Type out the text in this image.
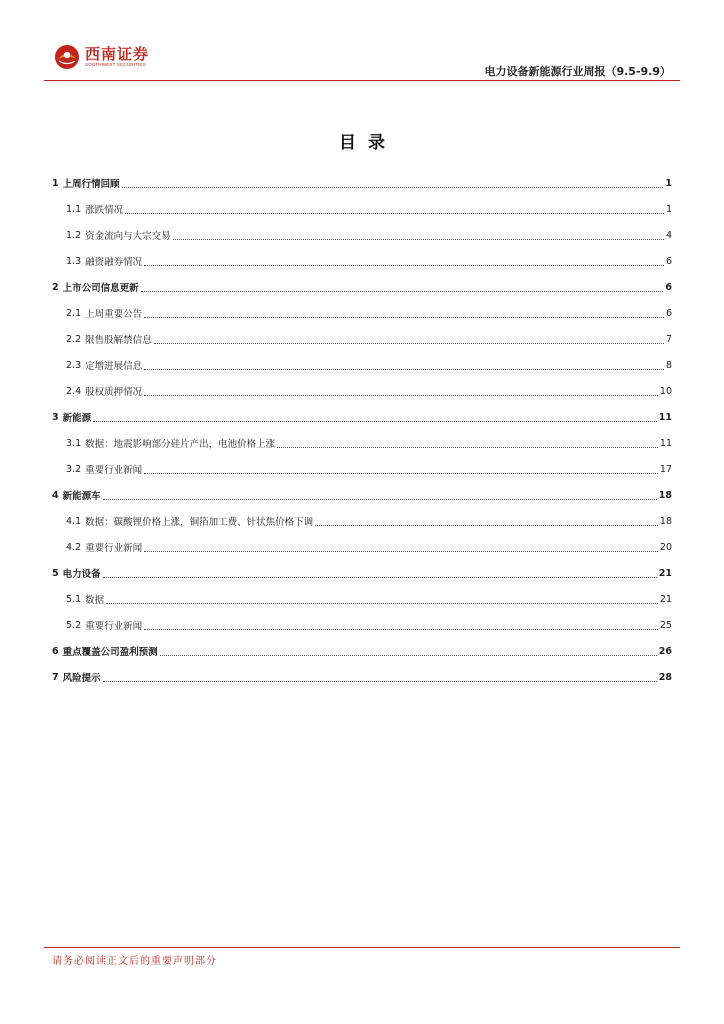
西南证券
SOUTHWEST SECURITIES
电力设备新能源行业周报（9.5-9.9）
目录
1 上周行情回顾	1
1.1 涨跌情况	1
1.2 资金流向与大宗交易	4
1.3 融资融券情况	6
2 上市公司信息更新	6
2.1 上周重要公告	6
2.2 限售股解禁信息	7
2.3 定增进展信息	8
2.4 股权质押情况	10
3 新能源	11
3.1 数据：地震影响部分硅片产出，电池价格上涨	11
3.2 重要行业新闻	17
4 新能源车	18
4.1 数据：碳酸锂价格上涨，铜箔加工费、针状焦价格下调	18
4.2 重要行业新闻	20
5 电力设备	21
5.1 数据	21
5.2 重要行业新闻	25
6 重点覆盖公司盈利预测	26
7 风险提示	28
请务必阅读正文后的重要声明部分
